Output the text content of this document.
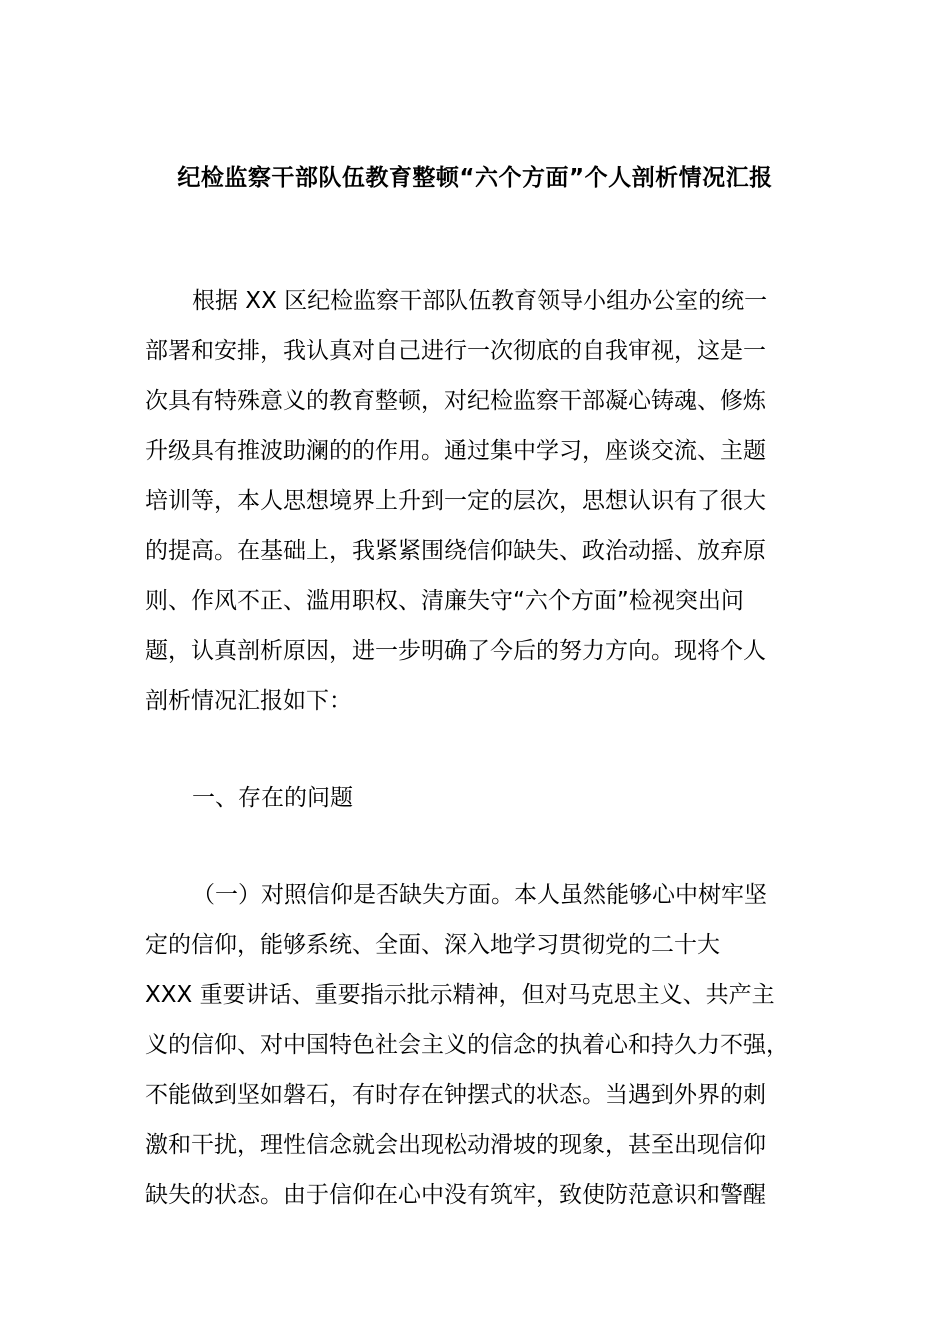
纪检监察干部队伍教育整顿“六个方面”个人剖析情况汇报
根据 XX 区纪检监察干部队伍教育领导小组办公室的统一
部署和安排，我认真对自己进行一次彻底的自我审视，这是一
次具有特殊意义的教育整顿，对纪检监察干部凝心铸魂、修炼
升级具有推波助澜的的作用。通过集中学习，座谈交流、主题
培训等，本人思想境界上升到一定的层次，思想认识有了很大
的提高。在基础上，我紧紧围绕信仰缺失、政治动摇、放弃原
则、作风不正、滥用职权、清廉失守“六个方面”检视突出问
题，认真剖析原因，进一步明确了今后的努力方向。现将个人
剖析情况汇报如下：
一、存在的问题
（一）对照信仰是否缺失方面。本人虽然能够心中树牢坚
定的信仰，能够系统、全面、深入地学习贯彻党的二十大
XXX 重要讲话、重要指示批示精神，但对马克思主义、共产主
义的信仰、对中国特色社会主义的信念的执着心和持久力不强，
不能做到坚如磐石，有时存在钟摆式的状态。当遇到外界的刺
激和干扰，理性信念就会出现松动滑坡的现象，甚至出现信仰
缺失的状态。由于信仰在心中没有筑牢，致使防范意识和警醒
